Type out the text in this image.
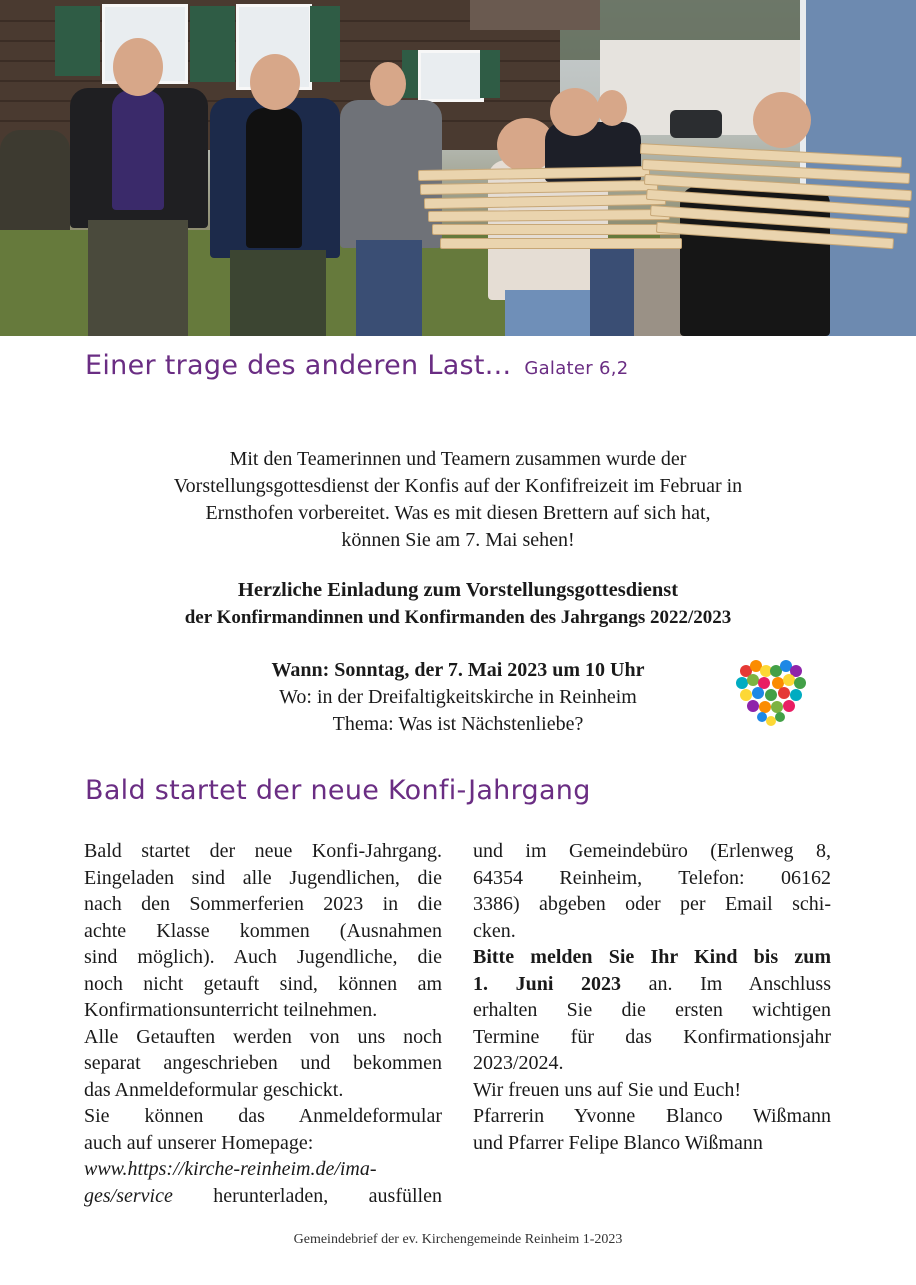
Einer trage des anderen Last... Galater 6,2
Mit den Teamerinnen und Teamern zusammen wurde der
Vorstellungsgottesdienst der Konfis auf der Konfifreizeit im Februar in
Ernsthofen vorbereitet. Was es mit diesen Brettern auf sich hat,
können Sie am 7. Mai sehen!
Herzliche Einladung zum Vorstellungsgottesdienst
der Konfirmandinnen und Konfirmanden des Jahrgangs 2022/2023
Wann: Sonntag, der 7. Mai 2023 um 10 Uhr
Wo: in der Dreifaltigkeitskirche in Reinheim
Thema: Was ist Nächstenliebe?
Bald startet der neue Konfi-Jahrgang
Bald startet der neue Konfi-Jahrgang.
Eingeladen sind alle Jugendlichen, die
nach den Sommerferien 2023 in die
achte Klasse kommen (Ausnahmen
sind möglich). Auch Jugendliche, die
noch nicht getauft sind, können am
Konfirmationsunterricht teilnehmen.
Alle Getauften werden von uns noch
separat angeschrieben und bekommen
das Anmeldeformular geschickt.
Sie können das Anmeldeformular
auch auf unserer Homepage:
www.https://kirche-reinheim.de/ima-
ges/service herunterladen, ausfüllen
und im Gemeindebüro (Erlenweg 8,
64354 Reinheim, Telefon: 06162
3386) abgeben oder per Email schi-
cken.
Bitte melden Sie Ihr Kind bis zum
1. Juni 2023 an. Im Anschluss
erhalten Sie die ersten wichtigen
Termine für das Konfirmationsjahr
2023/2024.
Wir freuen uns auf Sie und Euch!
Pfarrerin Yvonne Blanco Wißmann
und Pfarrer Felipe Blanco Wißmann
Gemeindebrief der ev. Kirchengemeinde Reinheim 1-2023
